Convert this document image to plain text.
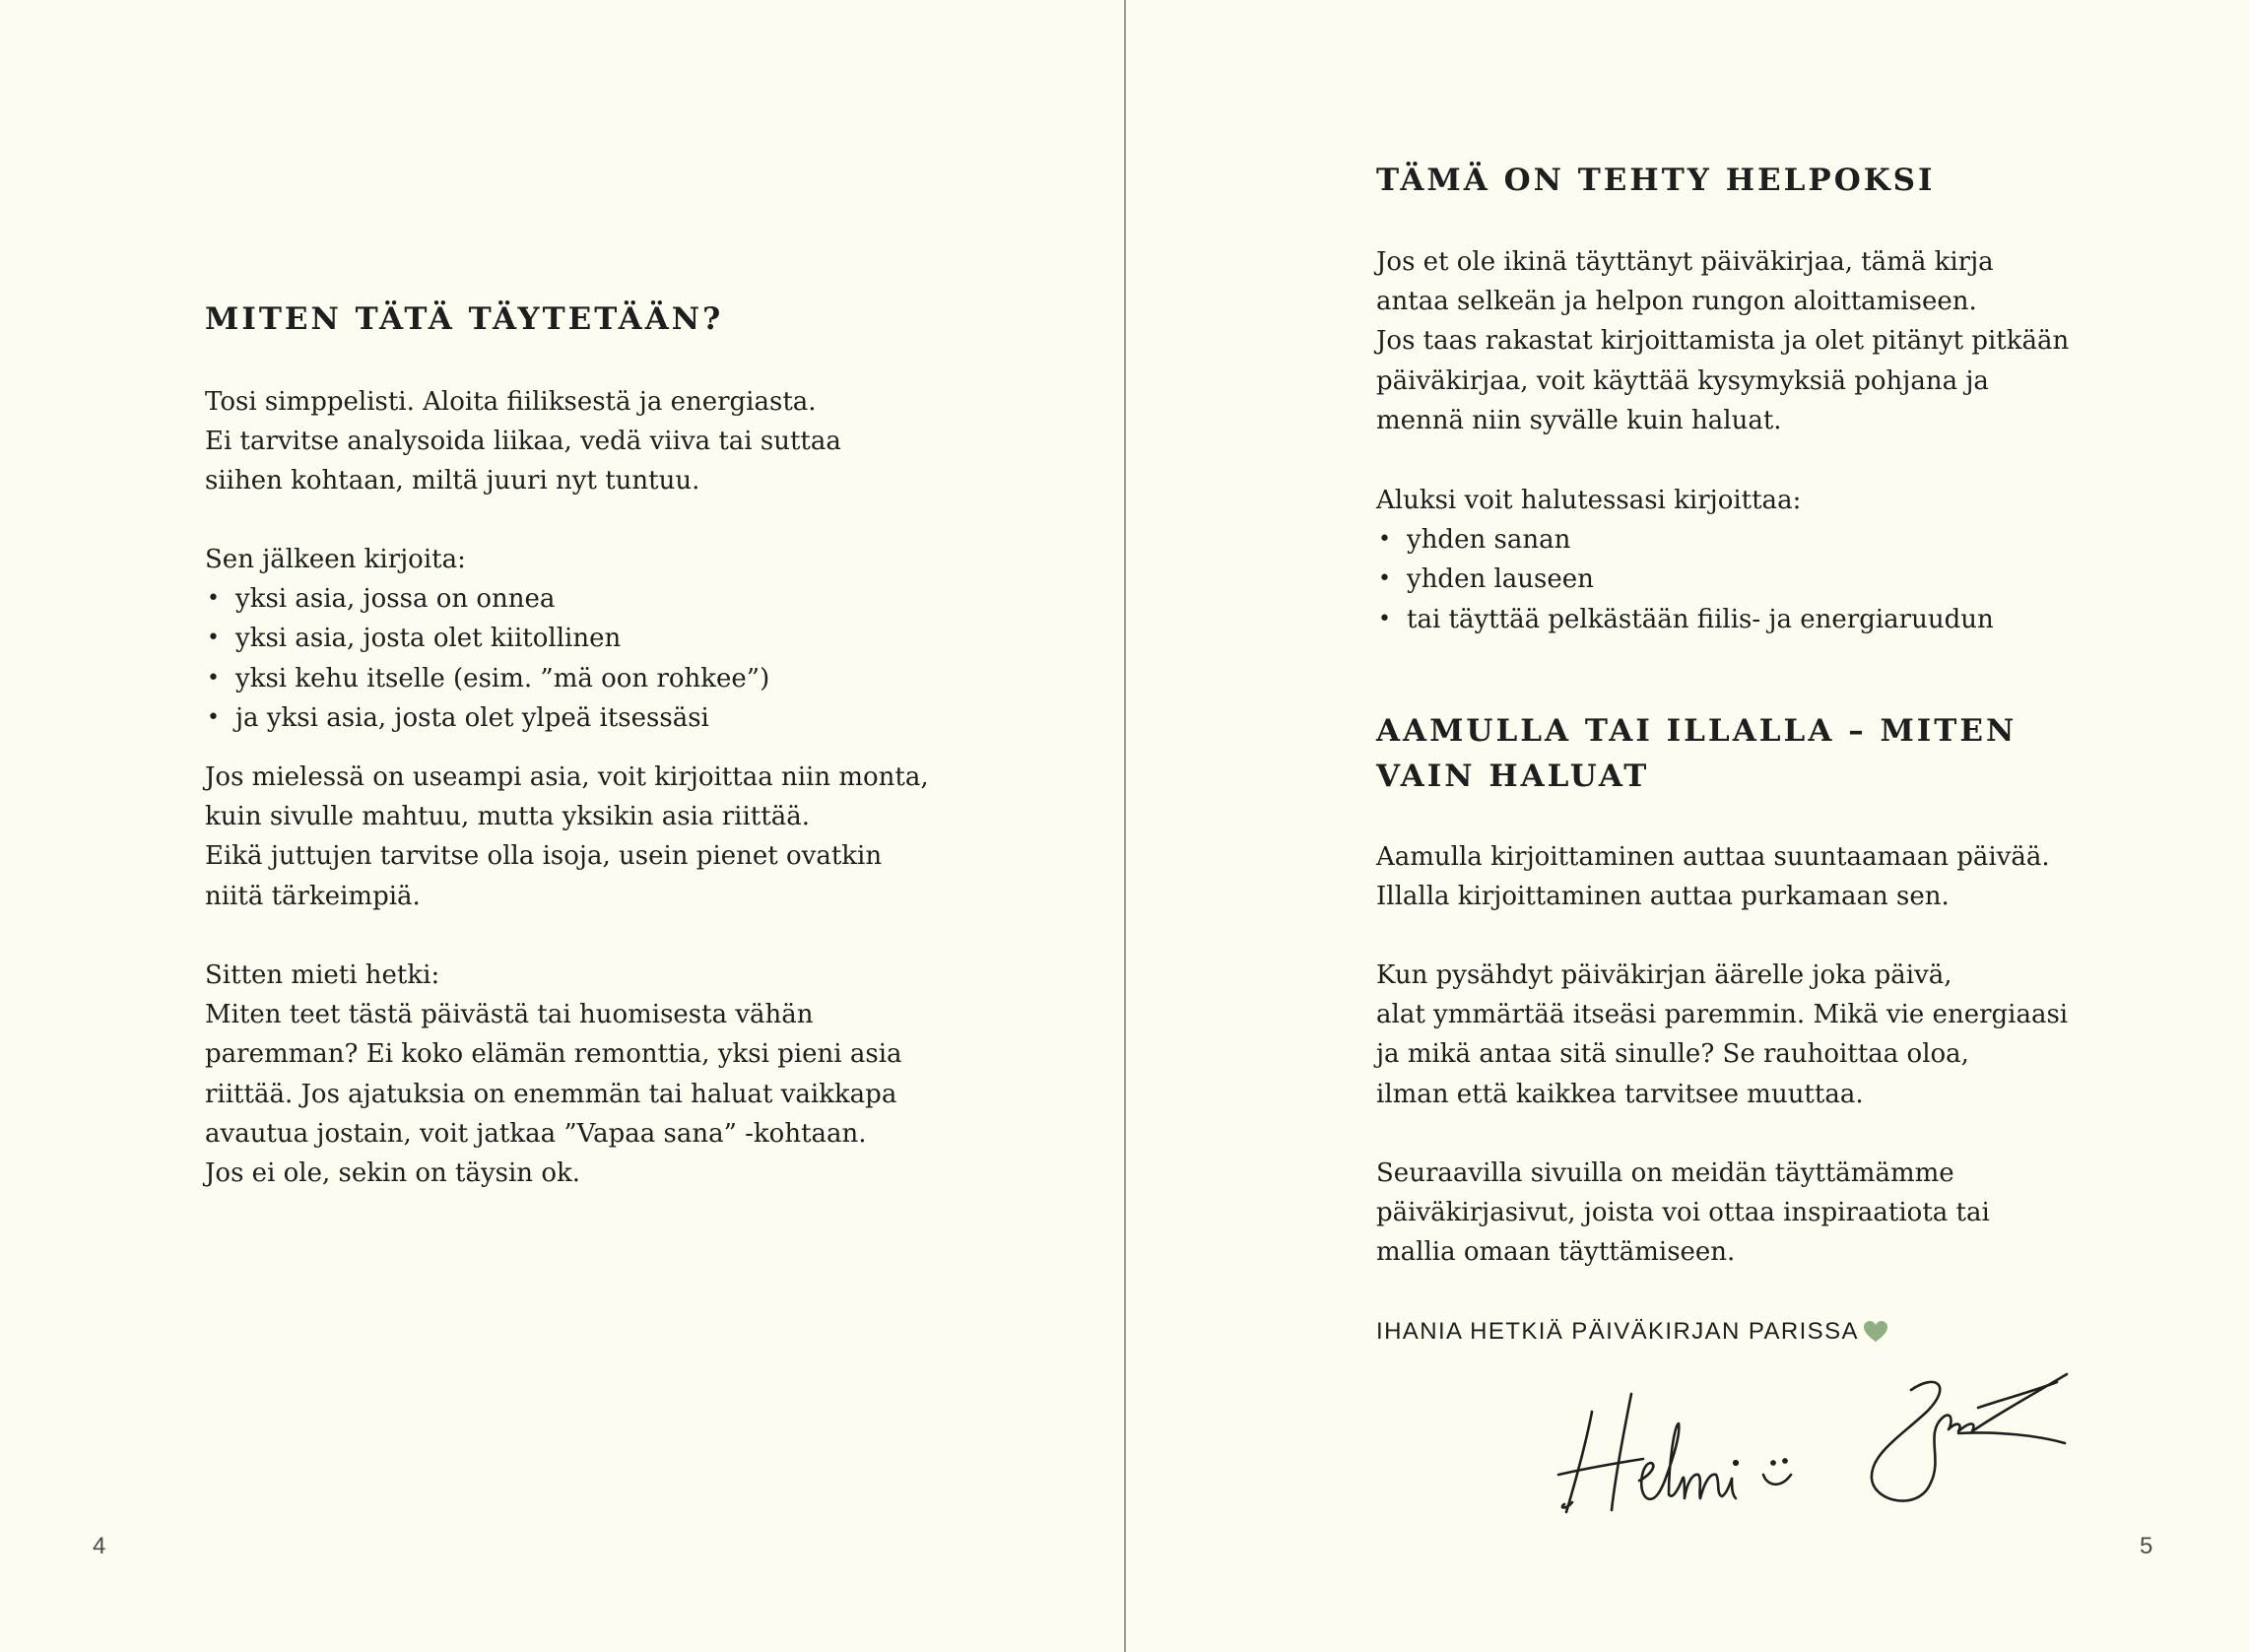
MITEN TÄTÄ TÄYTETÄÄN?
Tosi simppelisti. Aloita fiiliksestä ja energiasta.
Ei tarvitse analysoida liikaa, vedä viiva tai suttaa
siihen kohtaan, miltä juuri nyt tuntuu.
Sen jälkeen kirjoita:
• yksi asia, jossa on onnea
• yksi asia, josta olet kiitollinen
• yksi kehu itselle (esim. ”mä oon rohkee”)
• ja yksi asia, josta olet ylpeä itsessäsi
Jos mielessä on useampi asia, voit kirjoittaa niin monta,
kuin sivulle mahtuu, mutta yksikin asia riittää.
Eikä juttujen tarvitse olla isoja, usein pienet ovatkin
niitä tärkeimpiä.
Sitten mieti hetki:
Miten teet tästä päivästä tai huomisesta vähän
paremman? Ei koko elämän remonttia, yksi pieni asia
riittää. Jos ajatuksia on enemmän tai haluat vaikkapa
avautua jostain, voit jatkaa ”Vapaa sana” -kohtaan.
Jos ei ole, sekin on täysin ok.
4
TÄMÄ ON TEHTY HELPOKSI
Jos et ole ikinä täyttänyt päiväkirjaa, tämä kirja
antaa selkeän ja helpon rungon aloittamiseen.
Jos taas rakastat kirjoittamista ja olet pitänyt pitkään
päiväkirjaa, voit käyttää kysymyksiä pohjana ja
mennä niin syvälle kuin haluat.
Aluksi voit halutessasi kirjoittaa:
• yhden sanan
• yhden lauseen
• tai täyttää pelkästään fiilis- ja energiaruudun
AAMULLA TAI ILLALLA – MITEN
VAIN HALUAT
Aamulla kirjoittaminen auttaa suuntaamaan päivää.
Illalla kirjoittaminen auttaa purkamaan sen.
Kun pysähdyt päiväkirjan äärelle joka päivä,
alat ymmärtää itseäsi paremmin. Mikä vie energiaasi
ja mikä antaa sitä sinulle? Se rauhoittaa oloa,
ilman että kaikkea tarvitsee muuttaa.
Seuraavilla sivuilla on meidän täyttämämme
päiväkirjasivut, joista voi ottaa inspiraatiota tai
mallia omaan täyttämiseen.
IHANIA HETKIÄ PÄIVÄKIRJAN PARISSA
5
